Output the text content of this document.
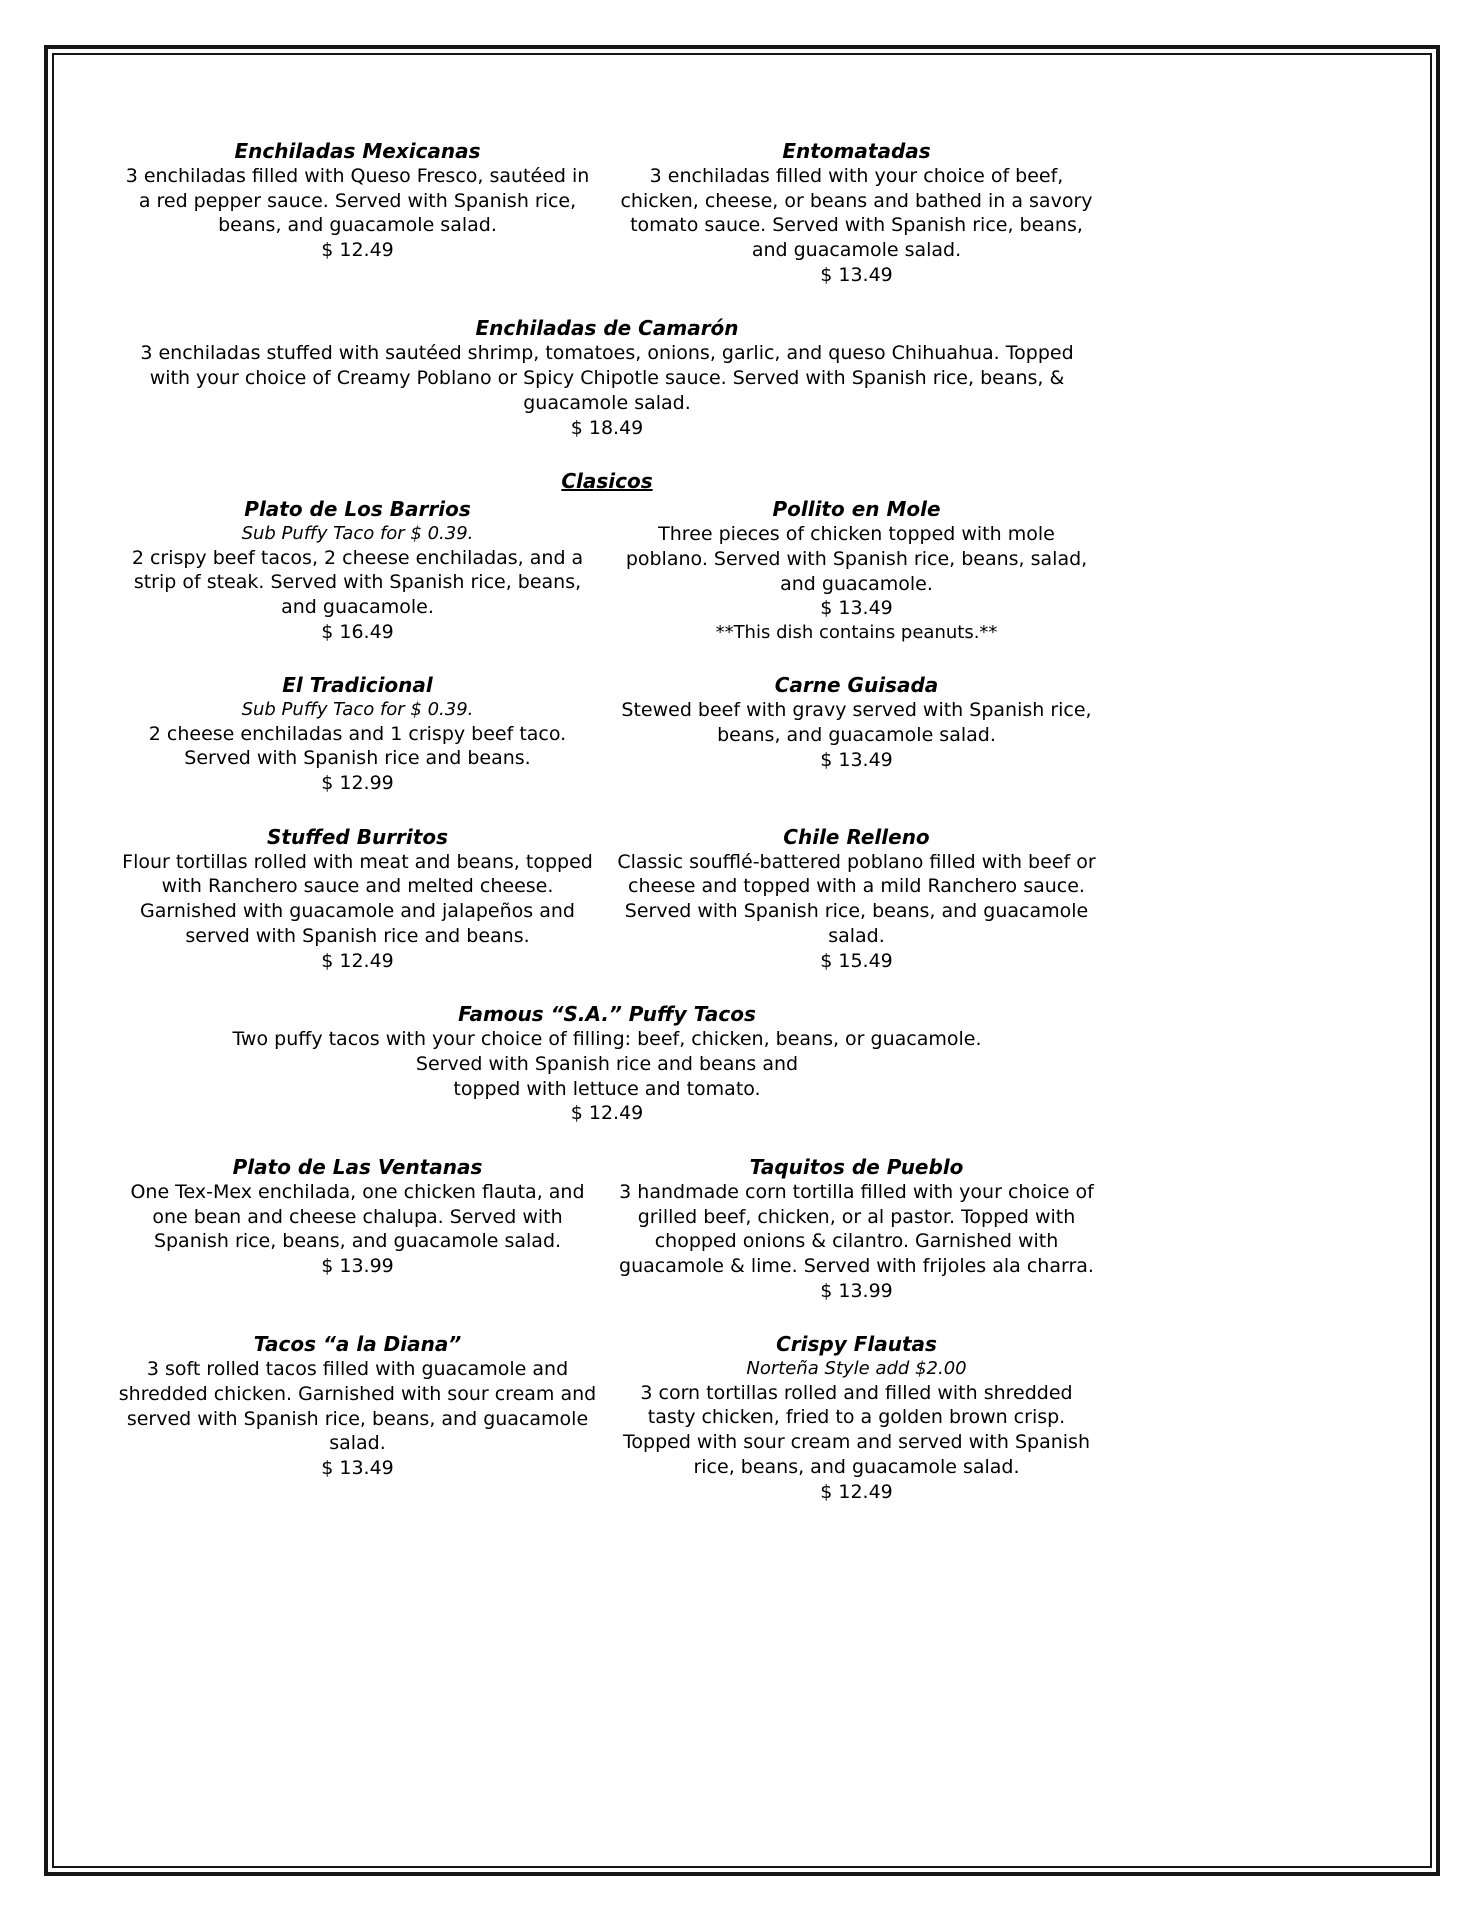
Enchiladas Mexicanas
3 enchiladas filled with Queso Fresco, sautéed in a red pepper sauce. Served with Spanish rice, beans, and guacamole salad.
$ 12.49
Entomatadas
3 enchiladas filled with your choice of beef, chicken, cheese, or beans and bathed in a savory tomato sauce. Served with Spanish rice, beans, and guacamole salad.
$ 13.49
Enchiladas de Camarón
3 enchiladas stuffed with sautéed shrimp, tomatoes, onions, garlic, and queso Chihuahua. Topped with your choice of Creamy Poblano or Spicy Chipotle sauce. Served with Spanish rice, beans, & guacamole salad.
$ 18.49
Clasicos
Plato de Los Barrios
Sub Puffy Taco for $ 0.39.
2 crispy beef tacos, 2 cheese enchiladas, and a strip of steak. Served with Spanish rice, beans, and guacamole.
$ 16.49
Pollito en Mole
Three pieces of chicken topped with mole poblano. Served with Spanish rice, beans, salad, and guacamole.
$ 13.49
**This dish contains peanuts.**
El Tradicional
Sub Puffy Taco for $ 0.39.
2 cheese enchiladas and 1 crispy beef taco. Served with Spanish rice and beans.
$ 12.99
Carne Guisada
Stewed beef with gravy served with Spanish rice, beans, and guacamole salad.
$ 13.49
Stuffed Burritos
Flour tortillas rolled with meat and beans, topped with Ranchero sauce and melted cheese. Garnished with guacamole and jalapeños and served with Spanish rice and beans.
$ 12.49
Chile Relleno
Classic soufflé-battered poblano filled with beef or cheese and topped with a mild Ranchero sauce. Served with Spanish rice, beans, and guacamole salad.
$ 15.49
Famous “S.A.” Puffy Tacos
Two puffy tacos with your choice of filling: beef, chicken, beans, or guacamole.
Served with Spanish rice and beans and
topped with lettuce and tomato.
$ 12.49
Plato de Las Ventanas
One Tex-Mex enchilada, one chicken flauta, and one bean and cheese chalupa. Served with Spanish rice, beans, and guacamole salad.
$ 13.99
Taquitos de Pueblo
3 handmade corn tortilla filled with your choice of grilled beef, chicken, or al pastor. Topped with chopped onions & cilantro. Garnished with guacamole & lime. Served with frijoles ala charra.
$ 13.99
Tacos “a la Diana”
3 soft rolled tacos filled with guacamole and shredded chicken. Garnished with sour cream and served with Spanish rice, beans, and guacamole salad.
$ 13.49
Crispy Flautas
Norteña Style add $2.00
3 corn tortillas rolled and filled with shredded tasty chicken, fried to a golden brown crisp. Topped with sour cream and served with Spanish rice, beans, and guacamole salad.
$ 12.49
